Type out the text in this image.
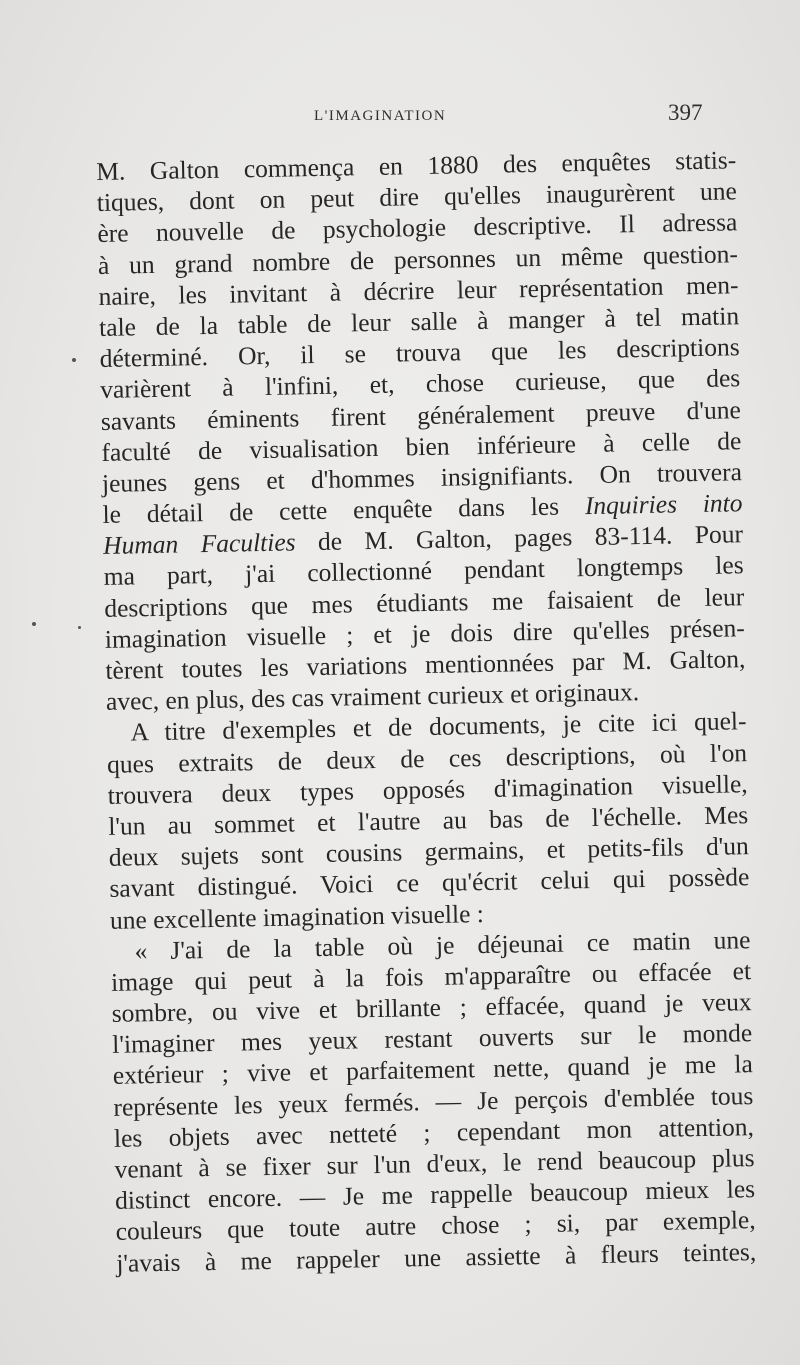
L'IMAGINATION	397
M. Galton commença en 1880 des enquêtes statis-
tiques, dont on peut dire qu'elles inaugurèrent une
ère nouvelle de psychologie descriptive. Il adressa
à un grand nombre de personnes un même question-
naire, les invitant à décrire leur représentation men-
tale de la table de leur salle à manger à tel matin
déterminé. Or, il se trouva que les descriptions
varièrent à l'infini, et, chose curieuse, que des
savants éminents firent généralement preuve d'une
faculté de visualisation bien inférieure à celle de
jeunes gens et d'hommes insignifiants. On trouvera
le détail de cette enquête dans les Inquiries into
Human Faculties de M. Galton, pages 83-114. Pour
ma part, j'ai collectionné pendant longtemps les
descriptions que mes étudiants me faisaient de leur
imagination visuelle ; et je dois dire qu'elles présen-
tèrent toutes les variations mentionnées par M. Galton,
avec, en plus, des cas vraiment curieux et originaux.
A titre d'exemples et de documents, je cite ici quel-
ques extraits de deux de ces descriptions, où l'on
trouvera deux types opposés d'imagination visuelle,
l'un au sommet et l'autre au bas de l'échelle. Mes
deux sujets sont cousins germains, et petits-fils d'un
savant distingué. Voici ce qu'écrit celui qui possède
une excellente imagination visuelle :
« J'ai de la table où je déjeunai ce matin une
image qui peut à la fois m'apparaître ou effacée et
sombre, ou vive et brillante ; effacée, quand je veux
l'imaginer mes yeux restant ouverts sur le monde
extérieur ; vive et parfaitement nette, quand je me la
représente les yeux fermés. — Je perçois d'emblée tous
les objets avec netteté ; cependant mon attention,
venant à se fixer sur l'un d'eux, le rend beaucoup plus
distinct encore. — Je me rappelle beaucoup mieux les
couleurs que toute autre chose ; si, par exemple,
j'avais à me rappeler une assiette à fleurs teintes,
